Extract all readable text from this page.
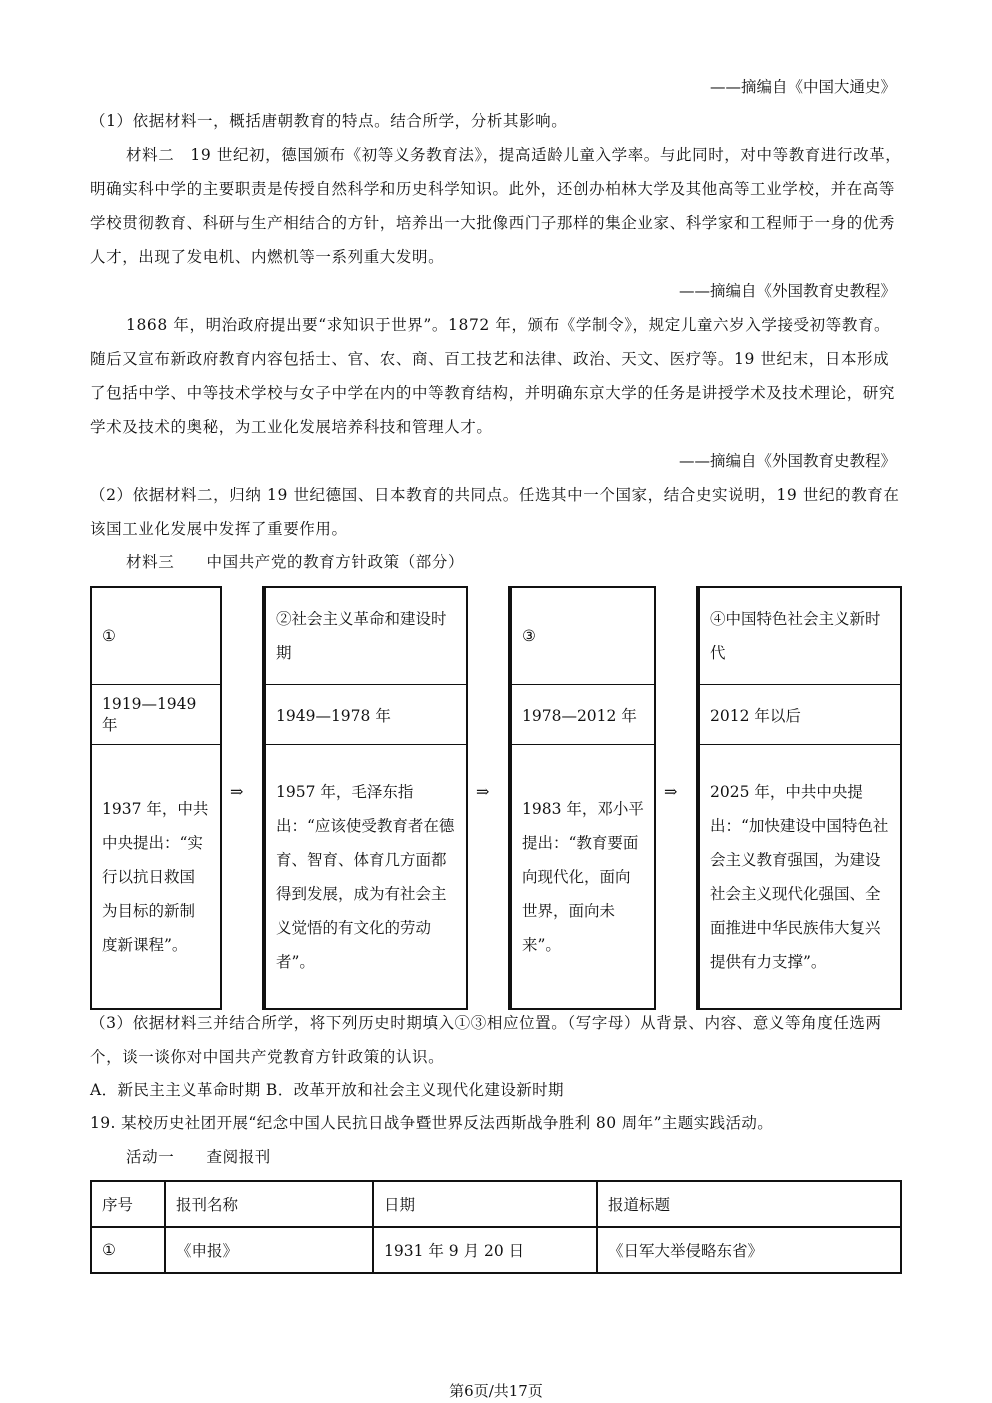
——摘编自《中国大通史》
（1）依据材料一，概括唐朝教育的特点。结合所学，分析其影响。
材料二　19 世纪初，德国颁布《初等义务教育法》，提高适龄儿童入学率。与此同时，对中等教育进行改革，明确实科中学的主要职责是传授自然科学和历史科学知识。此外，还创办柏林大学及其他高等工业学校，并在高等学校贯彻教育、科研与生产相结合的方针，培养出一大批像西门子那样的集企业家、科学家和工程师于一身的优秀人才，出现了发电机、内燃机等一系列重大发明。
——摘编自《外国教育史教程》
1868 年，明治政府提出要“求知识于世界”。1872 年，颁布《学制令》，规定儿童六岁入学接受初等教育。随后又宣布新政府教育内容包括士、官、农、商、百工技艺和法律、政治、天文、医疗等。19 世纪末，日本形成了包括中学、中等技术学校与女子中学在内的中等教育结构，并明确东京大学的任务是讲授学术及技术理论，研究学术及技术的奥秘，为工业化发展培养科技和管理人才。
——摘编自《外国教育史教程》
（2）依据材料二，归纳 19 世纪德国、日本教育的共同点。任选其中一个国家，结合史实说明，19 世纪的教育在该国工业化发展中发挥了重要作用。
材料三　　中国共产党的教育方针政策（部分）
①
1919—1949 年
1937 年，中共中央提出：“实行以抗日救国为目标的新制度新课程”。
⇒
②社会主义革命和建设时期
1949—1978 年
1957 年，毛泽东指出：“应该使受教育者在德育、智育、体育几方面都得到发展，成为有社会主义觉悟的有文化的劳动者”。
⇒
③
1978—2012 年
1983 年，邓小平提出：“教育要面向现代化，面向世界，面向未来”。
⇒
④中国特色社会主义新时代
2012 年以后
2025 年，中共中央提出：“加快建设中国特色社会主义教育强国，为建设社会主义现代化强国、全面推进中华民族伟大复兴提供有力支撑”。
（3）依据材料三并结合所学，将下列历史时期填入①③相应位置。（写字母）从背景、内容、意义等角度任选两个，谈一谈你对中国共产党教育方针政策的认识。
A．新民主主义革命时期 B．改革开放和社会主义现代化建设新时期
19. 某校历史社团开展“纪念中国人民抗日战争暨世界反法西斯战争胜利 80 周年”主题实践活动。
活动一　　查阅报刊
序号	报刊名称	日期	报道标题
①	《申报》	1931 年 9 月 20 日	《日军大举侵略东省》
第6页/共17页
